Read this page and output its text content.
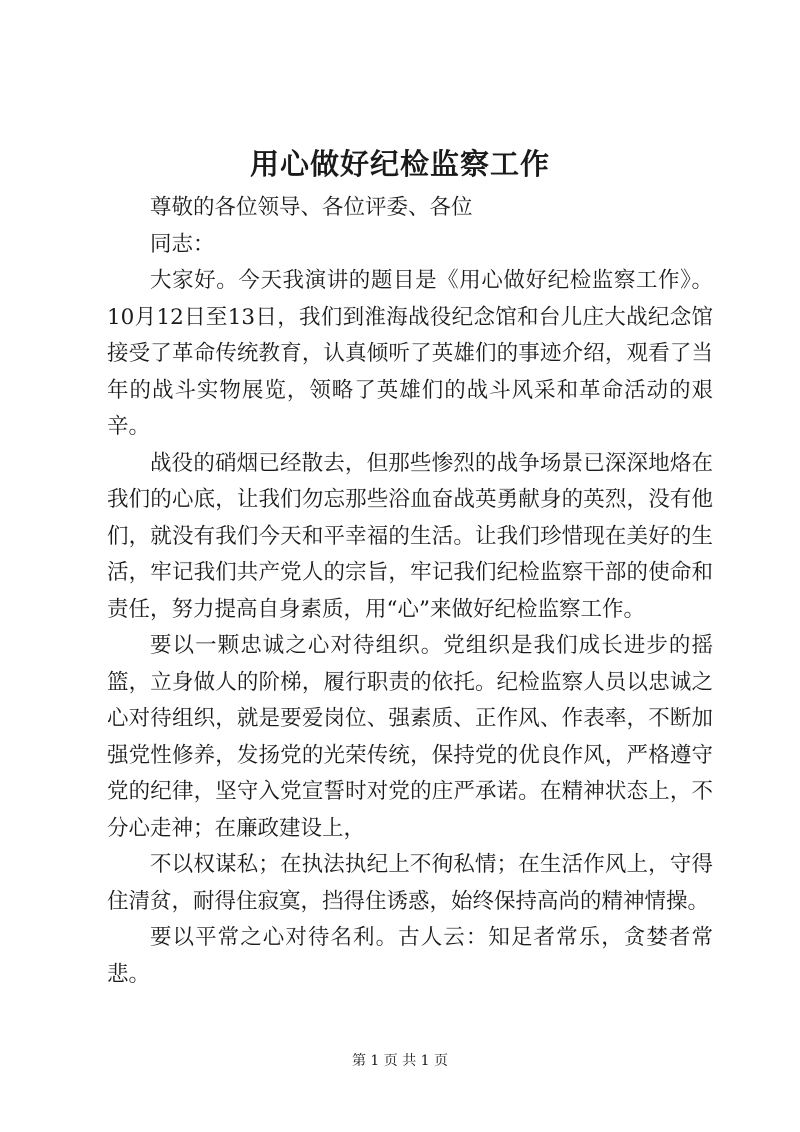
用心做好纪检监察工作

尊敬的各位领导、各位评委、各位

同志：

大家好。今天我演讲的题目是《用心做好纪检监察工作》。10月12日至13日，我们到淮海战役纪念馆和台儿庄大战纪念馆接受了革命传统教育，认真倾听了英雄们的事迹介绍，观看了当年的战斗实物展览，领略了英雄们的战斗风采和革命活动的艰辛。

战役的硝烟已经散去，但那些惨烈的战争场景已深深地烙在我们的心底，让我们勿忘那些浴血奋战英勇献身的英烈，没有他们，就没有我们今天和平幸福的生活。让我们珍惜现在美好的生活，牢记我们共产党人的宗旨，牢记我们纪检监察干部的使命和责任，努力提高自身素质，用“心”来做好纪检监察工作。

要以一颗忠诚之心对待组织。党组织是我们成长进步的摇篮，立身做人的阶梯，履行职责的依托。纪检监察人员以忠诚之心对待组织，就是要爱岗位、强素质、正作风、作表率，不断加强党性修养，发扬党的光荣传统，保持党的优良作风，严格遵守党的纪律，坚守入党宣誓时对党的庄严承诺。在精神状态上，不分心走神；在廉政建设上，

不以权谋私；在执法执纪上不徇私情；在生活作风上，守得住清贫，耐得住寂寞，挡得住诱惑，始终保持高尚的精神情操。

要以平常之心对待名利。古人云：知足者常乐，贪婪者常悲。

第 1 页 共 1 页
